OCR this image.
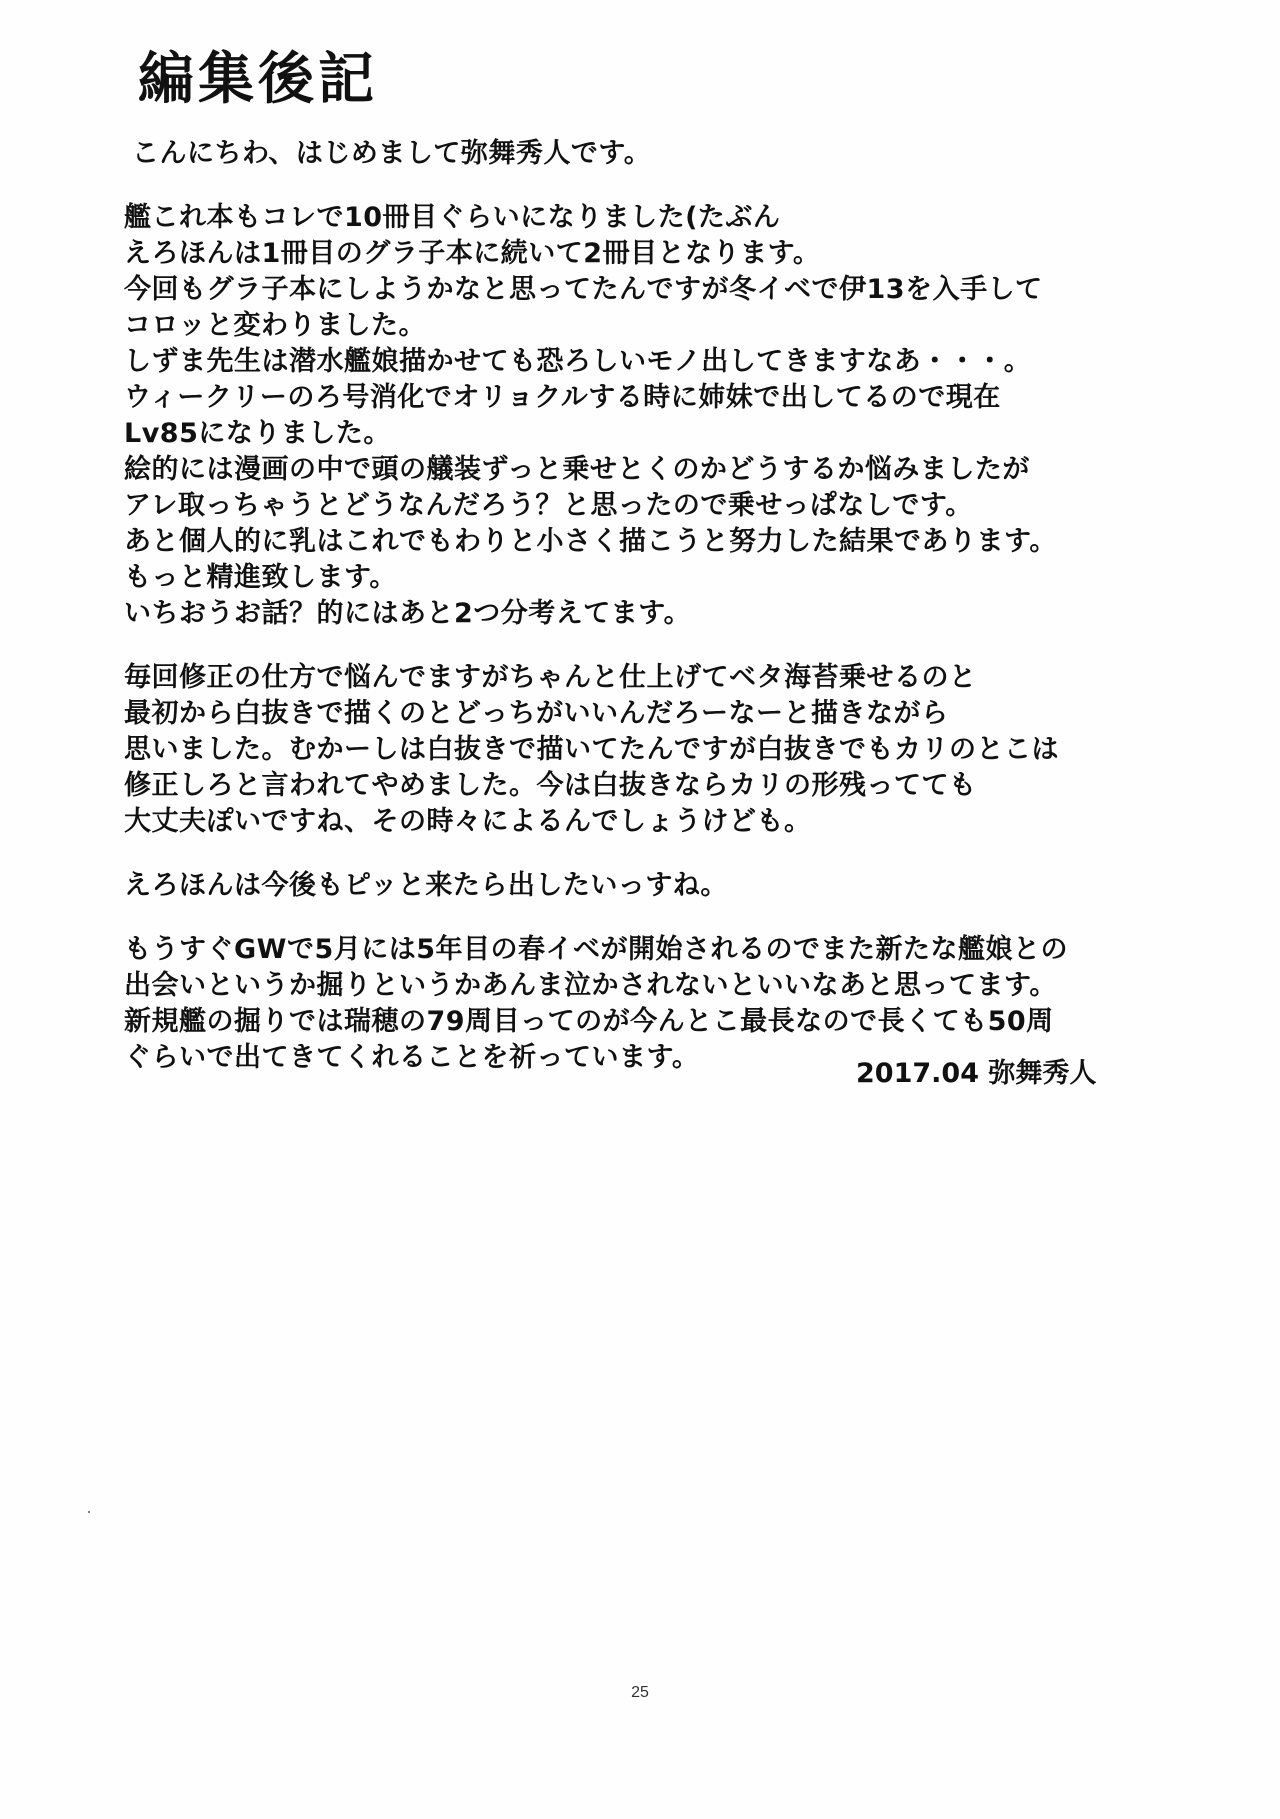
編集後記
こんにちわ、はじめまして弥舞秀人です。
艦これ本もコレで10冊目ぐらいになりました(たぶん
えろほんは1冊目のグラ子本に続いて2冊目となります。
今回もグラ子本にしようかなと思ってたんですが冬イベで伊13を入手して
コロッと変わりました。
しずま先生は潜水艦娘描かせても恐ろしいモノ出してきますなあ・・・。
ウィークリーのろ号消化でオリョクルする時に姉妹で出してるので現在
Lv85になりました。
絵的には漫画の中で頭の艤装ずっと乗せとくのかどうするか悩みましたが
アレ取っちゃうとどうなんだろう？と思ったので乗せっぱなしです。
あと個人的に乳はこれでもわりと小さく描こうと努力した結果であります。
もっと精進致します。
いちおうお話？的にはあと2つ分考えてます。
毎回修正の仕方で悩んでますがちゃんと仕上げてベタ海苔乗せるのと
最初から白抜きで描くのとどっちがいいんだろーなーと描きながら
思いました。むかーしは白抜きで描いてたんですが白抜きでもカリのとこは
修正しろと言われてやめました。今は白抜きならカリの形残ってても
大丈夫ぽいですね、その時々によるんでしょうけども。
えろほんは今後もピッと来たら出したいっすね。
もうすぐGWで5月には5年目の春イベが開始されるのでまた新たな艦娘との
出会いというか掘りというかあんま泣かされないといいなあと思ってます。
新規艦の掘りでは瑞穂の79周目ってのが今んとこ最長なので長くても50周
ぐらいで出てきてくれることを祈っています。
2017.04 弥舞秀人
25
